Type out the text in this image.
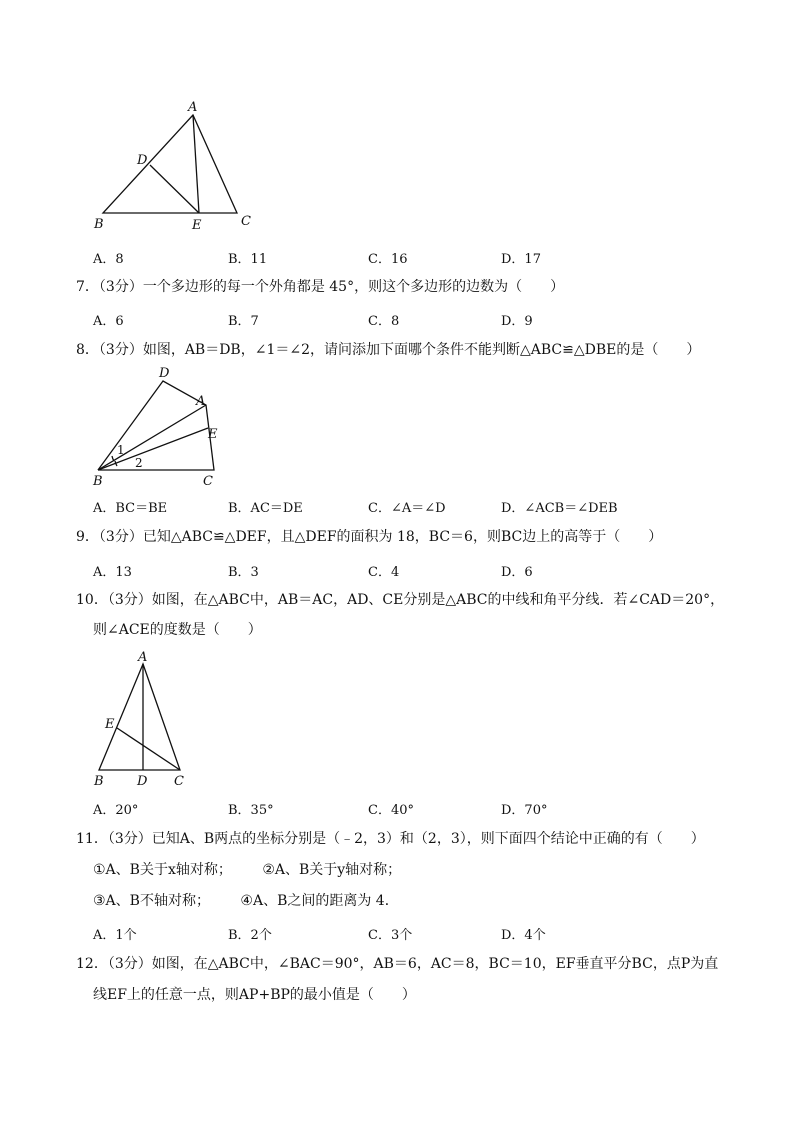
A
D
B	E	C
A．8	B．11	C．16	D．17
7．（3分）一个多边形的每一个外角都是 45°，则这个多边形的边数为（　　）
A．6	B．7	C．8	D．9
8．（3分）如图，AB＝DB，∠1＝∠2，请问添加下面哪个条件不能判断△ABC≌△DBE的是（　　）
D
A
E
B	C
1
2
A．BC＝BE	B．AC＝DE	C．∠A＝∠D	D．∠ACB＝∠DEB
9．（3分）已知△ABC≌△DEF，且△DEF的面积为 18，BC＝6，则BC边上的高等于（　　）
A．13	B．3	C．4	D．6
10．（3分）如图，在△ABC中，AB＝AC，AD、CE分别是△ABC的中线和角平分线．若∠CAD＝20°，
则∠ACE的度数是（　　）
A
E
B	D C
A．20°	B．35°	C．40°	D．70°
11．（3分）已知A、B两点的坐标分别是（﹣2，3）和（2，3），则下面四个结论中正确的有（　　）
①A、B关于x轴对称； ②A、B关于y轴对称；
③A、B不轴对称； ④A、B之间的距离为 4．
A．1个	B．2个	C．3个	D．4个
12．（3分）如图，在△ABC中，∠BAC＝90°，AB＝6，AC＝8，BC＝10，EF垂直平分BC，点P为直
线EF上的任意一点，则AP+BP的最小值是（　　）
